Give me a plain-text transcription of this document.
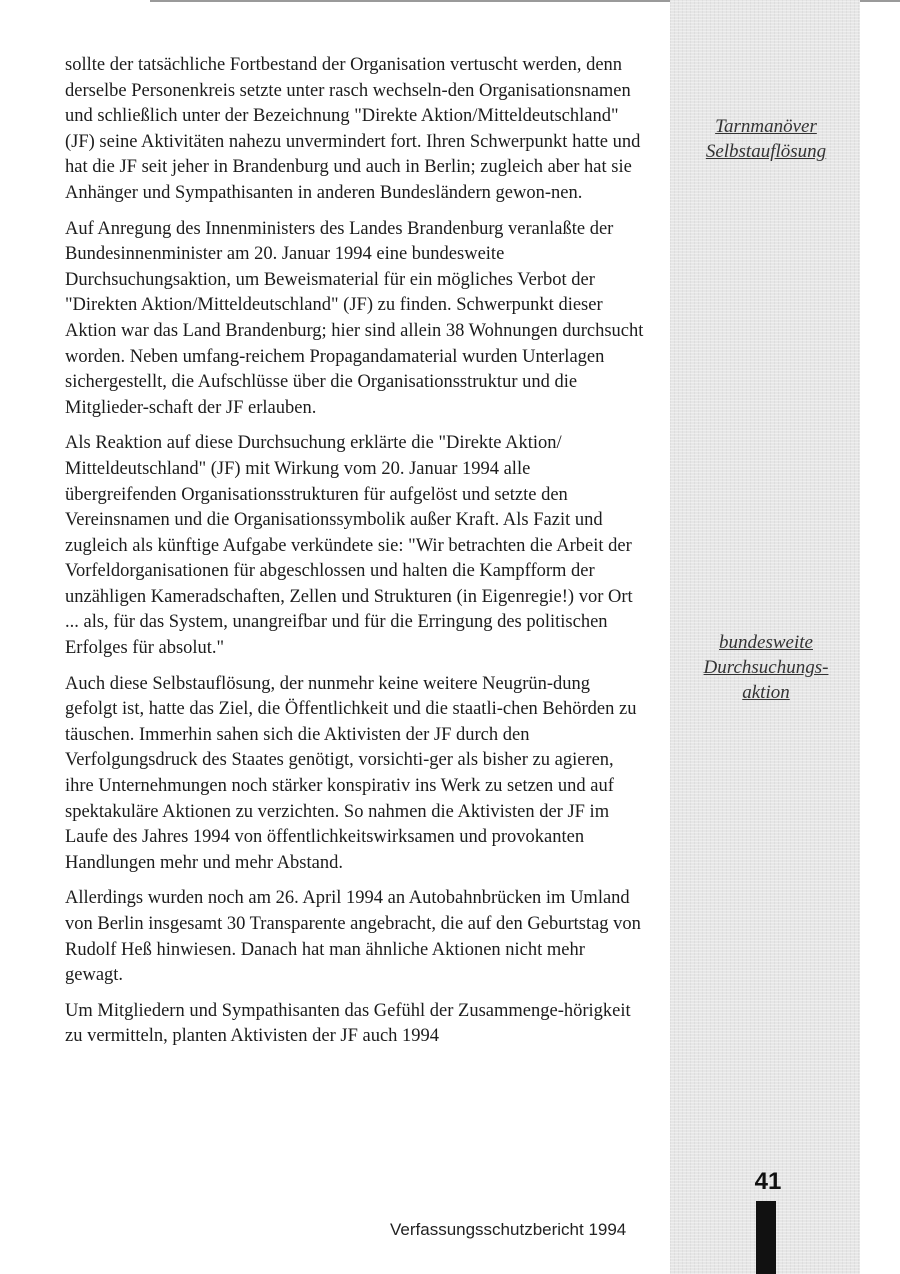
sollte der tatsächliche Fortbestand der Organisation vertuscht werden, denn derselbe Personenkreis setzte unter rasch wechseln-den Organisationsnamen und schließlich unter der Bezeichnung "Direkte Aktion/Mitteldeutschland" (JF) seine Aktivitäten nahezu unvermindert fort. Ihren Schwerpunkt hatte und hat die JF seit jeher in Brandenburg und auch in Berlin; zugleich aber hat sie Anhänger und Sympathisanten in anderen Bundesländern gewon-nen.

Auf Anregung des Innenministers des Landes Brandenburg veranlaßte der Bundesinnenminister am 20. Januar 1994 eine bundesweite Durchsuchungsaktion, um Beweismaterial für ein mögliches Verbot der "Direkten Aktion/Mitteldeutschland" (JF) zu finden. Schwerpunkt dieser Aktion war das Land Brandenburg; hier sind allein 38 Wohnungen durchsucht worden. Neben umfang-reichem Propagandamaterial wurden Unterlagen sichergestellt, die Aufschlüsse über die Organisationsstruktur und die Mitglieder-schaft der JF erlauben.

Als Reaktion auf diese Durchsuchung erklärte die "Direkte Aktion/ Mitteldeutschland" (JF) mit Wirkung vom 20. Januar 1994 alle übergreifenden Organisationsstrukturen für aufgelöst und setzte den Vereinsnamen und die Organisationssymbolik außer Kraft. Als Fazit und zugleich als künftige Aufgabe verkündete sie: "Wir betrachten die Arbeit der Vorfeldorganisationen für abgeschlossen und halten die Kampfform der unzähligen Kameradschaften, Zellen und Strukturen (in Eigenregie!) vor Ort ... als, für das System, unangreifbar und für die Erringung des politischen Erfolges für absolut."

Auch diese Selbstauflösung, der nunmehr keine weitere Neugrün-dung gefolgt ist, hatte das Ziel, die Öffentlichkeit und die staatli-chen Behörden zu täuschen. Immerhin sahen sich die Aktivisten der JF durch den Verfolgungsdruck des Staates genötigt, vorsichti-ger als bisher zu agieren, ihre Unternehmungen noch stärker konspirativ ins Werk zu setzen und auf spektakuläre Aktionen zu verzichten. So nahmen die Aktivisten der JF im Laufe des Jahres 1994 von öffentlichkeitswirksamen und provokanten Handlungen mehr und mehr Abstand.

Allerdings wurden noch am 26. April 1994 an Autobahnbrücken im Umland von Berlin insgesamt 30 Transparente angebracht, die auf den Geburtstag von Rudolf Heß hinwiesen. Danach hat man ähnliche Aktionen nicht mehr gewagt.

Um Mitgliedern und Sympathisanten das Gefühl der Zusammenge-hörigkeit zu vermitteln, planten Aktivisten der JF auch 1994

Tarnmanöver
Selbstauflösung
bundesweite
Durchsuchungs-
aktion
41
Verfassungsschutzbericht 1994
